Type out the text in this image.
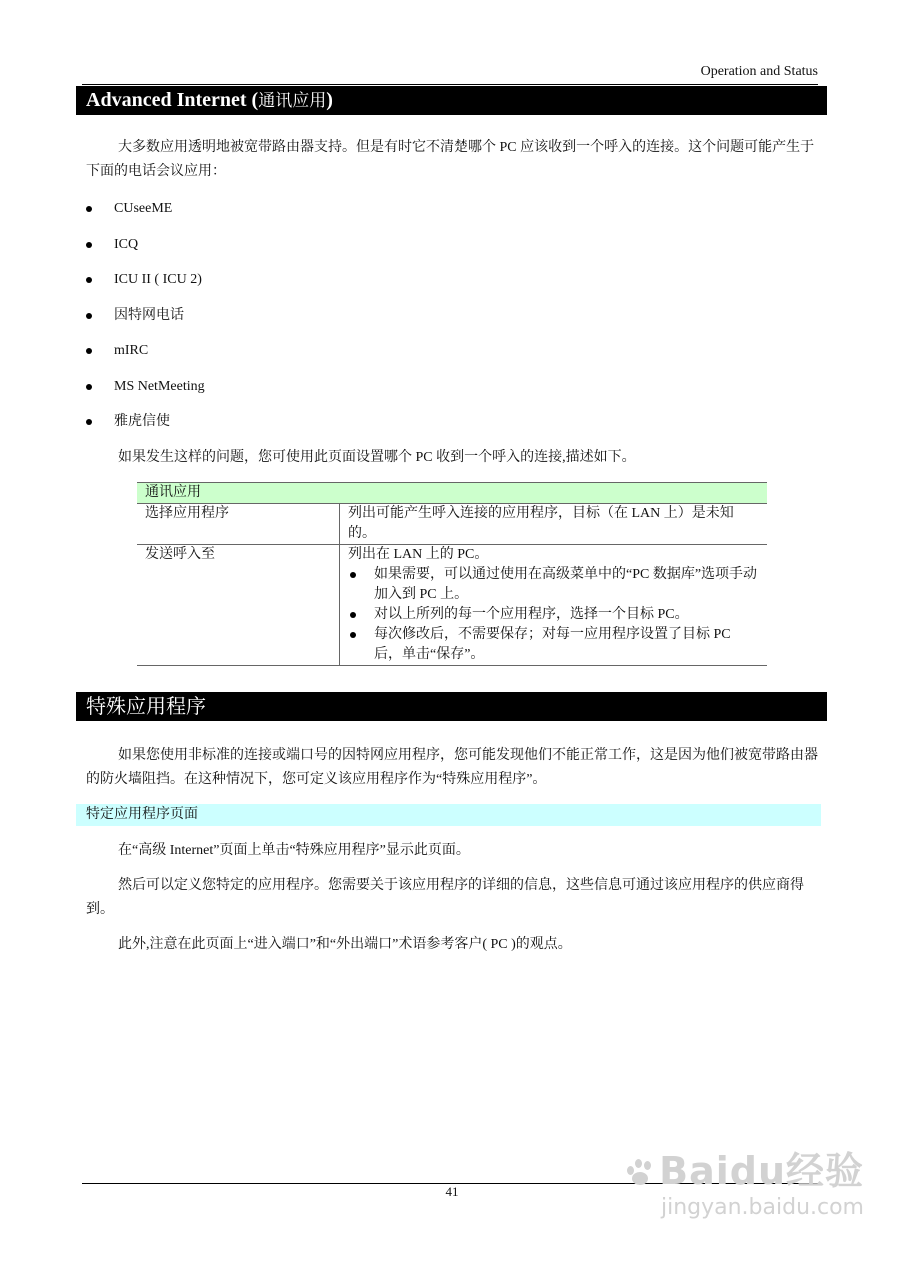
Operation and Status
Advanced Internet (通讯应用)
大多数应用透明地被宽带路由器支持。但是有时它不清楚哪个 PC 应该收到一个呼入的连接。这个问题可能产生于下面的电话会议应用：
CUseeME
ICQ
ICU II ( ICU 2)
因特网电话
mIRC
MS NetMeeting
雅虎信使
如果发生这样的问题，您可使用此页面设置哪个 PC 收到一个呼入的连接,描述如下。
通讯应用	
选择应用程序	列出可能产生呼入连接的应用程序，目标（在 LAN 上）是未知的。
发送呼入至	列出在 LAN 上的 PC。

如果需要，可以通过使用在高级菜单中的“PC 数据库”选项手动加入到 PC 上。

对以上所列的每一个应用程序，选择一个目标 PC。

每次修改后，不需要保存；对每一应用程序设置了目标 PC 后，单击“保存”。

特殊应用程序
如果您使用非标准的连接或端口号的因特网应用程序，您可能发现他们不能正常工作，这是因为他们被宽带路由器的防火墙阻挡。在这种情况下，您可定义该应用程序作为“特殊应用程序”。
特定应用程序页面
在“高级 Internet”页面上单击“特殊应用程序”显示此页面。
然后可以定义您特定的应用程序。您需要关于该应用程序的详细的信息，这些信息可通过该应用程序的供应商得到。
此外,注意在此页面上“进入端口”和“外出端口”术语参考客户( PC )的观点。
41	Baidu经验
jingyan.baidu.com
